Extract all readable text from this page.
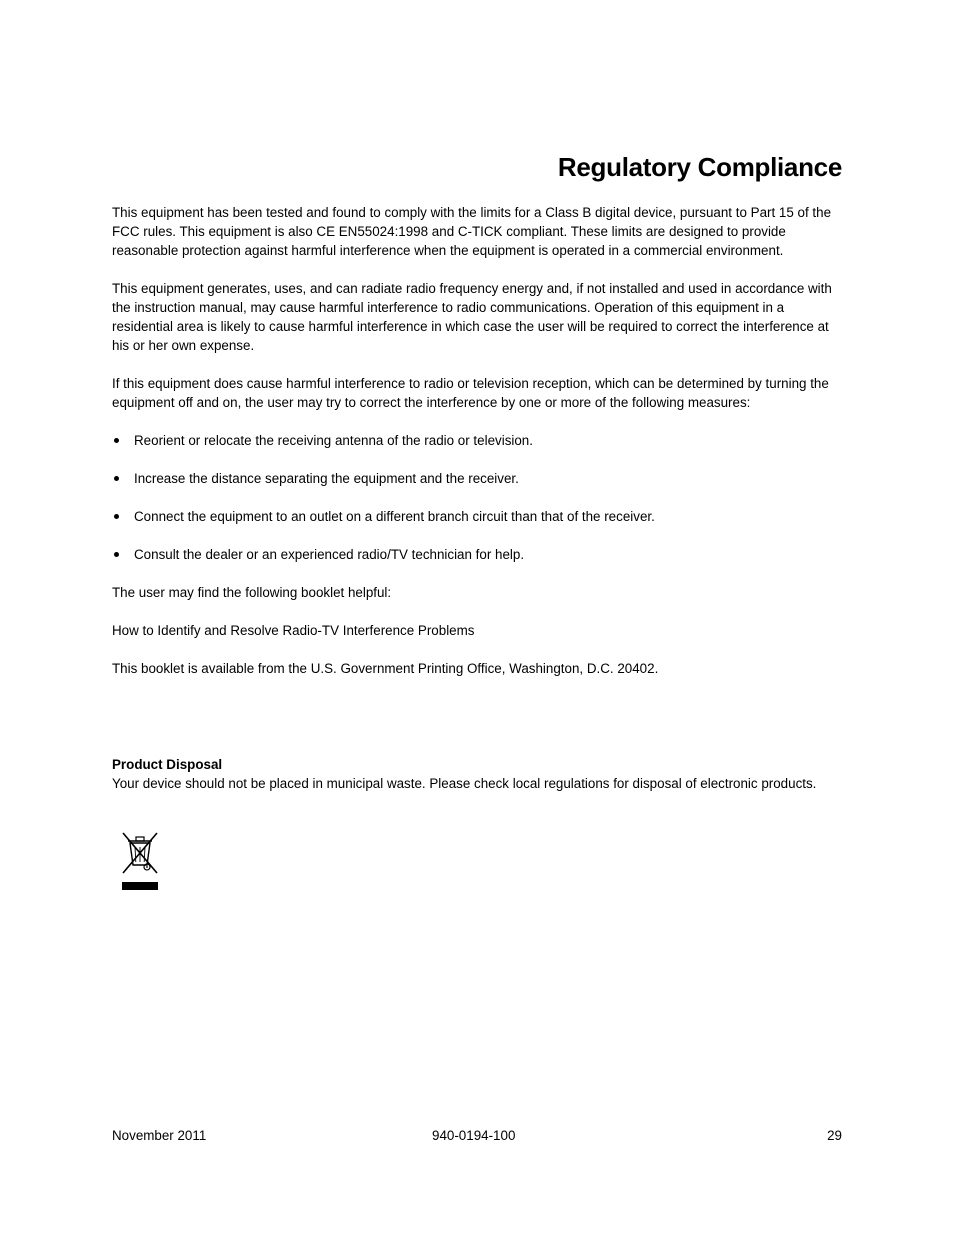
Regulatory Compliance

This equipment has been tested and found to comply with the limits for a Class B digital device, pursuant to Part 15 of the FCC rules. This equipment is also CE EN55024:1998 and C-TICK compliant. These limits are designed to provide reasonable protection against harmful interference when the equipment is operated in a commercial environment.

This equipment generates, uses, and can radiate radio frequency energy and, if not installed and used in accordance with the instruction manual, may cause harmful interference to radio communications. Operation of this equipment in a residential area is likely to cause harmful interference in which case the user will be required to correct the interference at his or her own expense.

If this equipment does cause harmful interference to radio or television reception, which can be determined by turning the equipment off and on, the user may try to correct the interference by one or more of the following measures:

Reorient or relocate the receiving antenna of the radio or television.
Increase the distance separating the equipment and the receiver.
Connect the equipment to an outlet on a different branch circuit than that of the receiver.
Consult the dealer or an experienced radio/TV technician for help.

The user may find the following booklet helpful:

How to Identify and Resolve Radio-TV Interference Problems

This booklet is available from the U.S. Government Printing Office, Washington, D.C. 20402.

Product Disposal

Your device should not be placed in municipal waste. Please check local regulations for disposal of electronic products.

November 2011	940-0194-100	29
